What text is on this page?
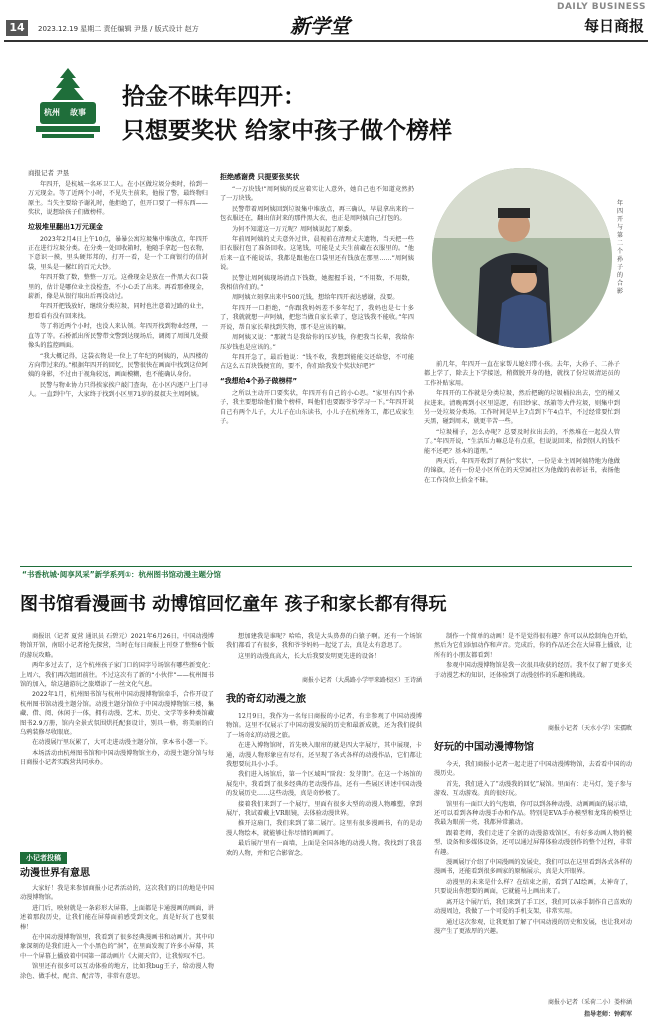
14	2023.12.19 星期二 责任编辑 尹垦 / 版式设计 赵方	新学堂
DAILY BUSINESS
每日商报
杭州 故事
拾金不昧年四开：
只想要奖状 给家中孩子做个榜样
商报记者 尹垦

年四开，是杭城一名环卫工人。在小区做垃圾分类时，拾到一万元现金。等了近两个小时，不见失主前来，他报了警，最终物归原主。当失主要给予谢礼时，他拒绝了，但开口要了一样东西——奖状，说想给孩子们做榜样。

垃圾堆里翻出1万元现金

2023年2月4日上午10点，暴暴公寓垃圾集中堆放点，年四开正在进行垃圾分类。在分类一处回收箱时，他随手拿起一包衣物，下意识一摸，里头硬邦邦的，打开一看，是一个工商银行的信封袋，里头是一摞红的百元大钞。

年四开数了数，整整一万元。这叠现金是放在一件黑大衣口袋里的，估计是哪位业主没检查，不小心丢了出来。再看那叠现金，崭新，像是从银行取出后再没动过。

年四开把钱放好，继续分类垃圾，同时也注意着过路的业主，想看看有没有回来找。

等了将近两个小时，也没人来认领。年四开找到物业经理，一直等了等。石桥派出所民警带文警到达现场后，调阅了周围几处摄像头的监控画面。

“我大概记得，这袋衣物是一位上了年纪的阿姨的，从四楼的方向带过来的。”根据年四开的回忆，民警很快在画面中找到这位阿姨的身影，不过由于视角较远，画面模糊，也不能确认身份。

民警与物业协力只得挨家挨户敲门查询，在小区内逐户上门寻人。一直到中午，大家终于找到小区里71岁的叔叔夫主周阿姨。

拒绝感谢费 只提要张奖状

“一万块钱!”周阿姨的反应着实让人意外，她自己也不知道竟然扔了一万块钱。

民警带着周阿姨回到垃圾集中堆放点，再三确认，早晨拿出来的一包衣服还在，翻出信封来的那件黑大衣，也正是周阿姨自己打包的。

为何不知道这一万元呢？周阿姨说起了原委。

年前周阿姨的丈夫意外过世，晨视前在清理丈夫遗物，当天把一些旧衣服打包了准备回收。这笔钱，可能是丈夫生前藏在衣服里的。“他后来一直不能说话，我都是跟他在口袋里还有钱放在那里……”周阿姨说。

民警让周阿姨现场清点下钱数，她握握手说，“不用数，不用数，我相信你们的。”

周阿姨立刻拿出来中500元钱，想给年四开表达感谢，没要。

年四开一口拒绝，“你跟我妈妈差不多年纪了，我妈也是七十多了，我就就想一声阿姨，把您当做自家长辈了，您这钱我不能收。”年四开说，帮自家长辈找到失物，那不是应该的嘛。

周阿姨又说：“那就当是我给你的压岁钱，你把我当长辈，我给你压岁钱也是应该的。”

年四开急了，最后他说：“钱不收，我想到能能交还给您，不可能占这么五百块钱便宜的，要不，你们给我发个奖状好吧?”

“我想给4个孙子做榜样”

之所以主动开口要奖状，年四开有自己的小心思。“家里有四个孙子，我主要想给他们做个榜样，叫他们也要跟爷爷学习一下。”年四开说自己有两个儿子，大儿子在山东读书，小儿子在杭州务工，都已成家生子。

年四开与第二个孙子的合影

前几年，年四开一直在家帮儿媳妇带小孩。去年，大孙子、二孙子都上学了，除去上下学接送，稍微脱开身的他，就找了份垃圾清运员的工作补贴家用。

年四开的工作就是分类垃圾，然后把碗的垃圾桶拉出去，空的桶又拉进来。清晚再到小区里巡逻，有旧纱家、纸箱等大件垃圾，则集中到另一处垃圾分类场。工作时间是早上7点到下午4点半，不过经常要忙到天黑，碰到周末，就更辛苦一些。

“垃圾桶子，怎么办呢？总要及时拉出去的，不然堆在一起没人管了。”年四开说，“生活压力嘛总是有点重，但说说回来，拾到别人的钱不能不还吧？基本的道理。”

两天后，年四开收到了两份“奖状”，一份是业主周阿姨特地为他做的锦旗，还有一份是小区所在的天堂园社区为他做的表彰证书，表扬他在工作岗位上拾金不昧。

“书香杭城·阅享风采”新学系列①：杭州图书馆动漫主题分馆
图书馆看漫画书 动博馆回忆童年 孩子和家长都有得玩

商报讯（记者 夏营 通讯员 石碧元）2021年6月26日，中国动漫博物馆开馆，南昭小记者抢先探营，当时在每日商报上刊登了整整6个版的游玩攻略。

两年多过去了，这个杭州孩子家门口的国字号场馆有哪些新变化：上周六，我们再次组团前往。不过这次有了新的“小伙伴”——杭州图书馆的加入，给这趟游玩之旅增添了一丝文化气息。

2022年1月，杭州图书馆与杭州中国动漫博物馆牵手，合作开设了杭州图书馆动漫主题分馆。动漫主题分馆位于中国动漫博物馆三楼，集藏、借、阅、休闲于一体，拥有动漫、艺术、历史、文学等多种类馆藏图书2.9万册，馆内全景式氛围烘托配套设计，别具一格，将美丽的白乌鸦装修尽收眼底。

在动漫展厅里玩累了，大可走进动漫主题分馆，拿本书小憩一下。

本场活动由杭州图书馆和中国动漫博物馆主办，动漫主题分馆与每日商报小记者实践营共同承办。

小记者投稿
动漫世界有意思

大家好！我是来参加商报小记者活动的，这次我们的目的地是中国动漫博物馆。

进门后，映射就是一条彩形大屏幕，上面都是卡通漫画的画面，讲述着那段历史，让我们能在屏幕面前感受到文化，真是好玩了也要很棒！

在中国动漫博物馆里，我看到了很多经典漫画书和动画片。其中印象深刻的是我们进入一个小黑色的“洞”，在里面发现了许多小屏幕，其中一个屏幕上播放着中国第一部动画片《大闹天宫》，让我惊叹不已。

馆里还有很多可以互动体验的地方，比如我bug王子，给动漫人物涂色、做手杖，配音、配音等，非常有意思。

想加建我是谁呢？哈哈，我是大头鼻鼻的白猿子啊。还有一个场馆我们都看了有很多，我和爷爷妈妈一起觉了去，真是太有意思了。

这里的动漫真高大，长大后我要发明更先进的设备！

商报小记者（大禹路小学甲来路校区）王诗涵
我的奇幻动漫之旅

12月9日，我作为一名每日商报的小记者，有幸参观了中国动漫博物馆。这里不仅展示了中国动漫发展的历史和最新成就，还为我们提供了一场奇幻的动漫之旅。

在进入博物馆时，首先映入眼帘的就是四大字展厅，其中展现，卡通，动漫人物形象应有尽有，还呈现了各式各样的动漫作品，它们都让我想要玩具小小手。

我们进入场馆后，第一个区域叫“阶段：发芽期”。在这一个场馆的展览中，我看到了很多经典的老动漫作品，还有一些展区讲述中国动漫的发展历史……这些动漫，真是奇妙极了。

接着我们来到了一个展厅，里面有很多大型的动漫人物雕塑，拿到展厅，我试着戴上VR眼镜，去体验动漫世界。

推开这扇门，我们来到了第二展厅。这里有很多漫画书，有的是动漫人物绘本，就能够让你尽情的画画了。

最后展厅里有一面墙，上面是全国各地的动漫人物。我找到了我喜欢的人物，并和它合影留念。

制作一个简单的动画！是不是觉得很有趣？你可以从绘制角色开始，然后为它们添加动作和声音。完成后，你的作品还会在大屏幕上播放，让所有的小朋友都看到！

参观中国动漫博物馆是我一次很具收获的经历。我不仅了解了更多关于动漫艺术的知识，还体验到了动漫创作的乐趣和挑战。

商报小记者（天水小学）宋孺畋
好玩的中国动漫博物馆

今天，我们商报小记者一起走进了中国动漫博物馆，去看看中国的动漫历史。

首先，我们进入了“动漫我的回忆”展馆。里面有：走马灯，笼子参与游戏、互动游戏。真的很好玩。

馆里有一面巨大的气泡墙，你可以到各种动漫、动画画面的展示墙，还可以看到各种动漫手办和作品。特别是EVA手办模型和龙珠的模型让我最为眼前一亮，我都异常激动。

跟着老师，我们走进了全新的动漫游戏馆区，有好多动画人物的模型、设备和多媒体设备，还可以通过屏幕体验动漫创作的整个过程，非常有趣。

漫画展厅介绍了中国漫画的发展史，我们可以在这里看到各式各样的漫画书，还能看到很多画家的原稿展示，真是大开眼界。

动漫里的未来是什么样？在结束之前，看到了AI绘画，太神奇了，只要说出你想要的画面，它就能马上画出来了。

离开这个展厅后，我们来到了手工区，我们可以亲手制作自己喜欢的动漫周边，我做了一个可爱的手机支架，非常实用。

通过这次参观，让我更加了解了中国动漫的历史和发展，也让我对动漫产生了更浓厚的兴趣。

商报小记者（采荷二小）娄梓涵
指导老师：钟莉军
